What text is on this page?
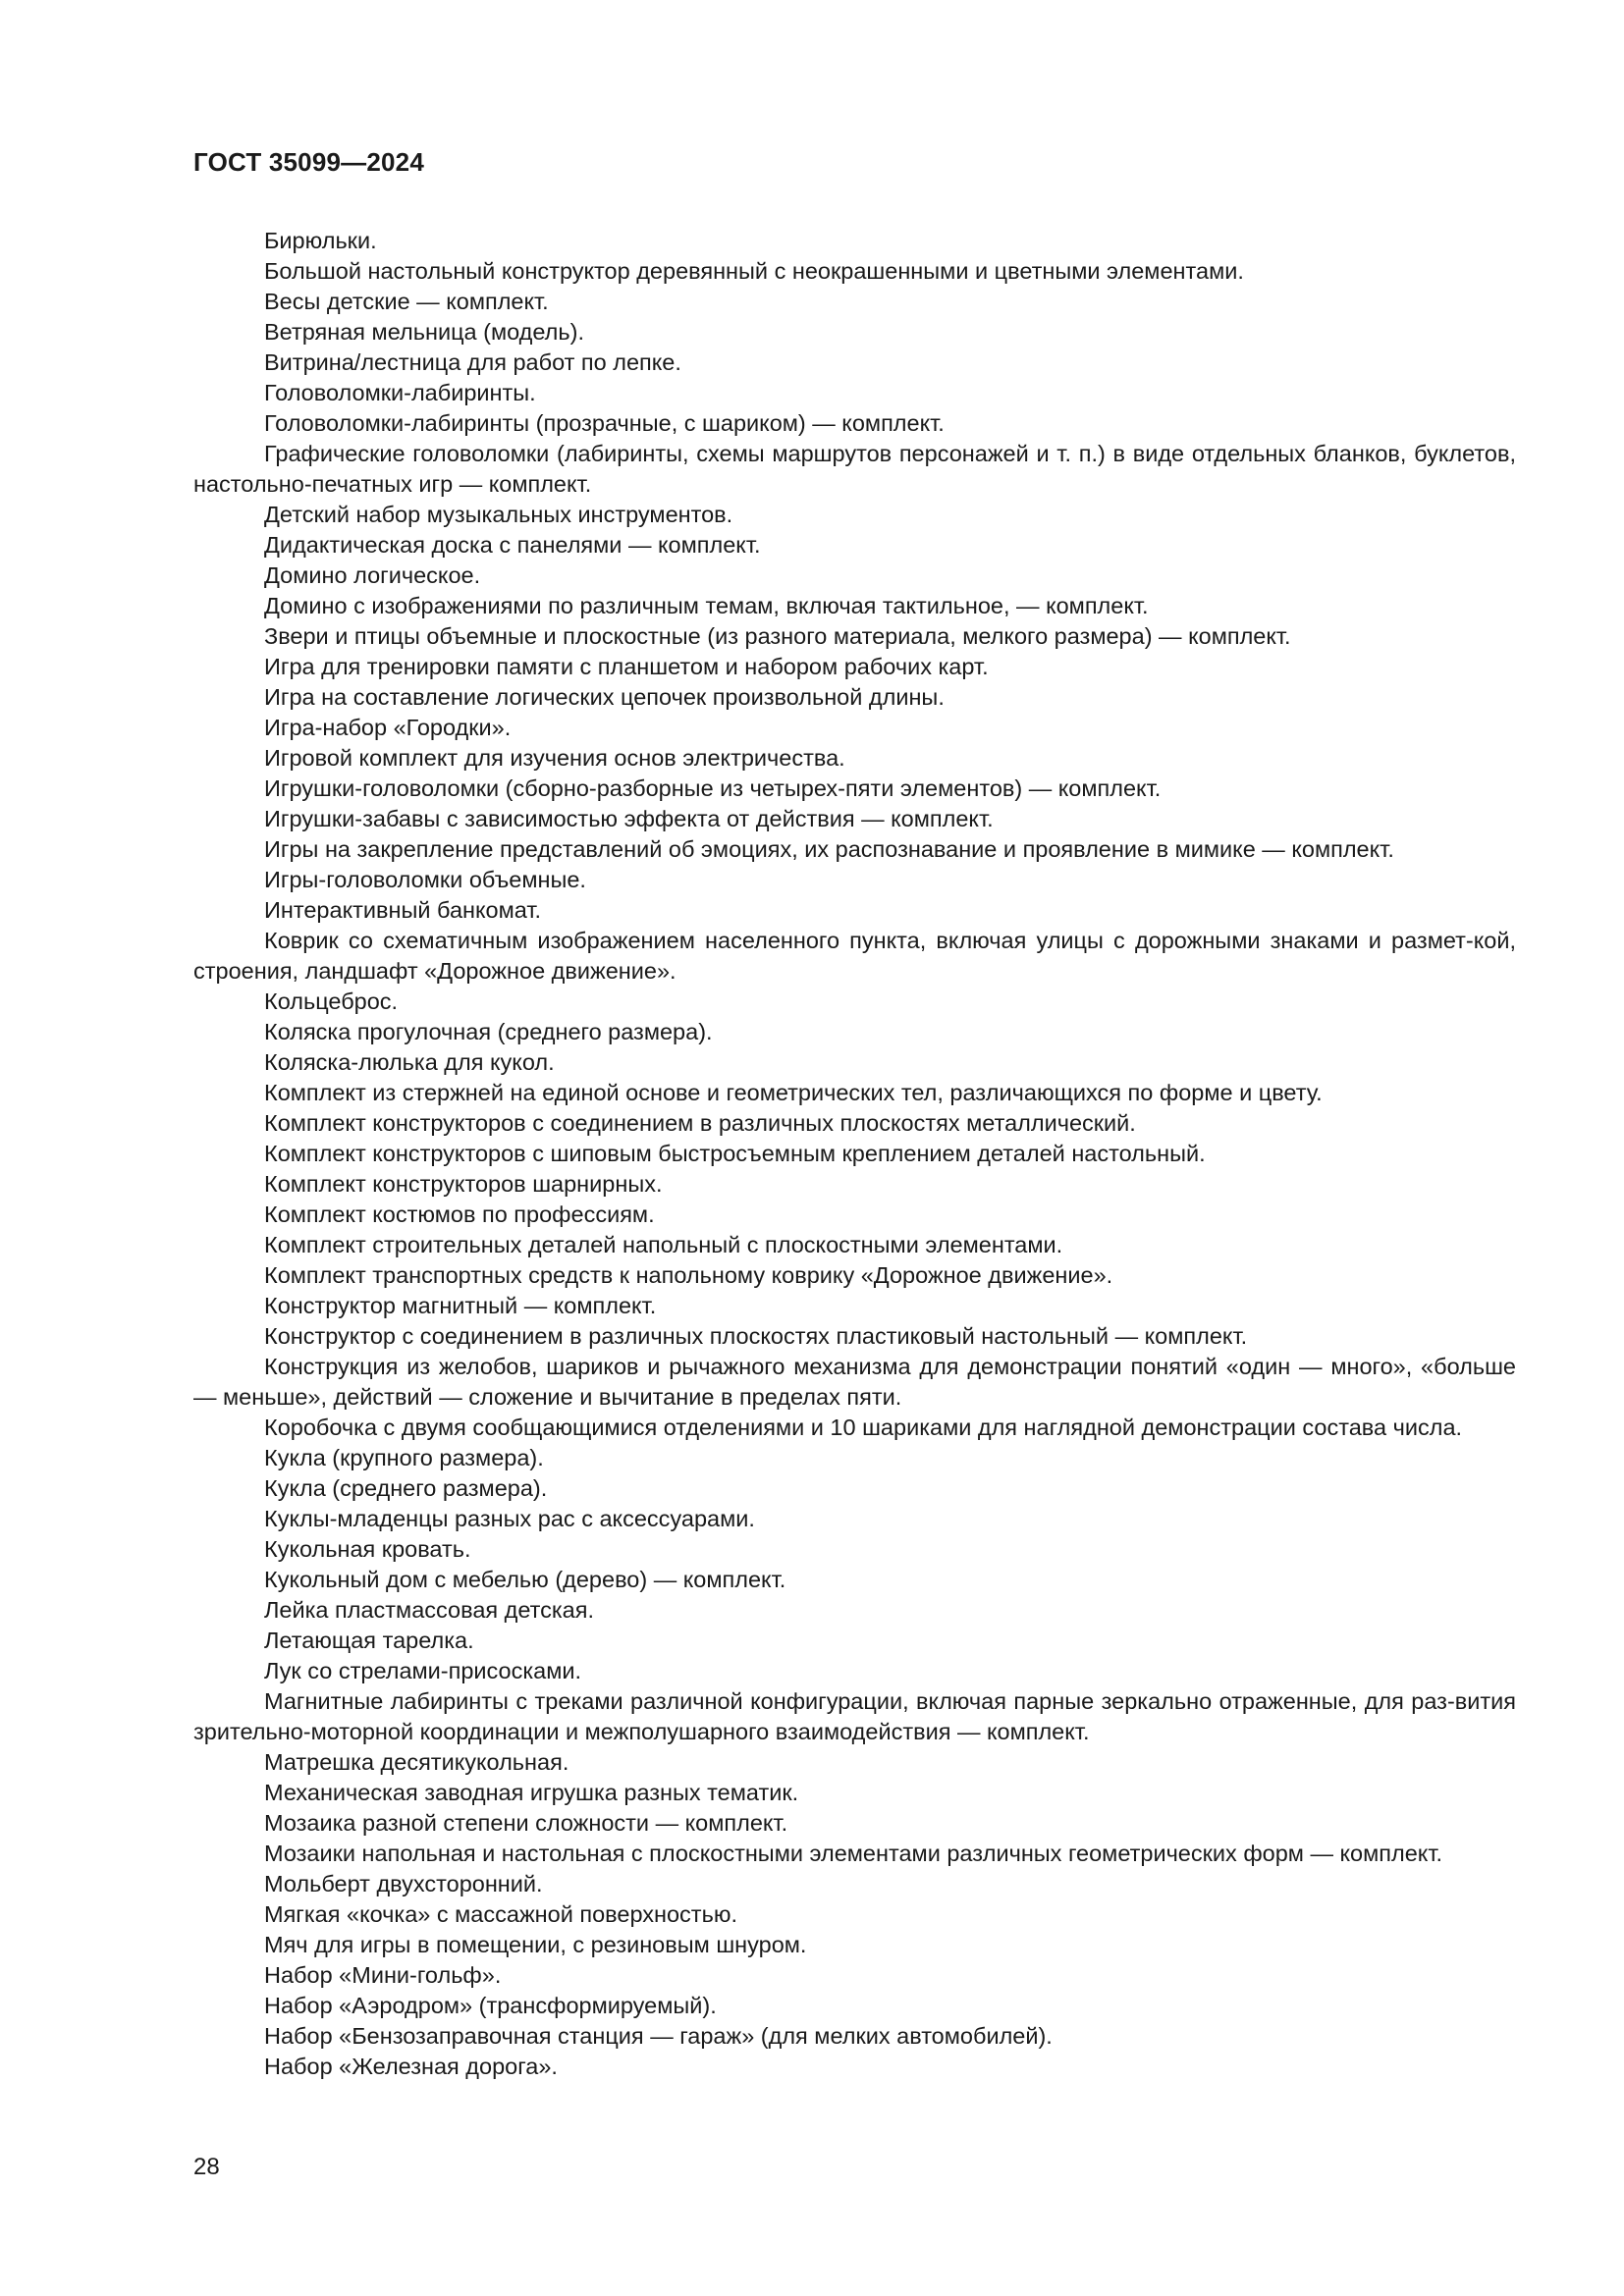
ГОСТ 35099—2024

Бирюльки.

Большой настольный конструктор деревянный с неокрашенными и цветными элементами.

Весы детские — комплект.

Ветряная мельница (модель).

Витрина/лестница для работ по лепке.

Головоломки-лабиринты.

Головоломки-лабиринты (прозрачные, с шариком) — комплект.

Графические головоломки (лабиринты, схемы маршрутов персонажей и т. п.) в виде отдельных бланков, буклетов, настольно-печатных игр — комплект.

Детский набор музыкальных инструментов.

Дидактическая доска с панелями — комплект.

Домино логическое.

Домино с изображениями по различным темам, включая тактильное, — комплект.

Звери и птицы объемные и плоскостные (из разного материала, мелкого размера) — комплект.

Игра для тренировки памяти с планшетом и набором рабочих карт.

Игра на составление логических цепочек произвольной длины.

Игра-набор «Городки».

Игровой комплект для изучения основ электричества.

Игрушки-головоломки (сборно-разборные из четырех-пяти элементов) — комплект.

Игрушки-забавы с зависимостью эффекта от действия — комплект.

Игры на закрепление представлений об эмоциях, их распознавание и проявление в мимике — комплект.

Игры-головоломки объемные.

Интерактивный банкомат.

Коврик со схематичным изображением населенного пункта, включая улицы с дорожными знаками и размет-кой, строения, ландшафт «Дорожное движение».

Кольцеброс.

Коляска прогулочная (среднего размера).

Коляска-люлька для кукол.

Комплект из стержней на единой основе и геометрических тел, различающихся по форме и цвету.

Комплект конструкторов с соединением в различных плоскостях металлический.

Комплект конструкторов с шиповым быстросъемным креплением деталей настольный.

Комплект конструкторов шарнирных.

Комплект костюмов по профессиям.

Комплект строительных деталей напольный с плоскостными элементами.

Комплект транспортных средств к напольному коврику «Дорожное движение».

Конструктор магнитный — комплект.

Конструктор с соединением в различных плоскостях пластиковый настольный — комплект.

Конструкция из желобов, шариков и рычажного механизма для демонстрации понятий «один — много», «больше — меньше», действий — сложение и вычитание в пределах пяти.

Коробочка с двумя сообщающимися отделениями и 10 шариками для наглядной демонстрации состава числа.

Кукла (крупного размера).

Кукла (среднего размера).

Куклы-младенцы разных рас с аксессуарами.

Кукольная кровать.

Кукольный дом с мебелью (дерево) — комплект.

Лейка пластмассовая детская.

Летающая тарелка.

Лук со стрелами-присосками.

Магнитные лабиринты с треками различной конфигурации, включая парные зеркально отраженные, для раз-вития зрительно-моторной координации и межполушарного взаимодействия — комплект.

Матрешка десятикукольная.

Механическая заводная игрушка разных тематик.

Мозаика разной степени сложности — комплект.

Мозаики напольная и настольная с плоскостными элементами различных геометрических форм — комплект.

Мольберт двухсторонний.

Мягкая «кочка» с массажной поверхностью.

Мяч для игры в помещении, с резиновым шнуром.

Набор «Мини-гольф».

Набор «Аэродром» (трансформируемый).

Набор «Бензозаправочная станция — гараж» (для мелких автомобилей).

Набор «Железная дорога».

28
